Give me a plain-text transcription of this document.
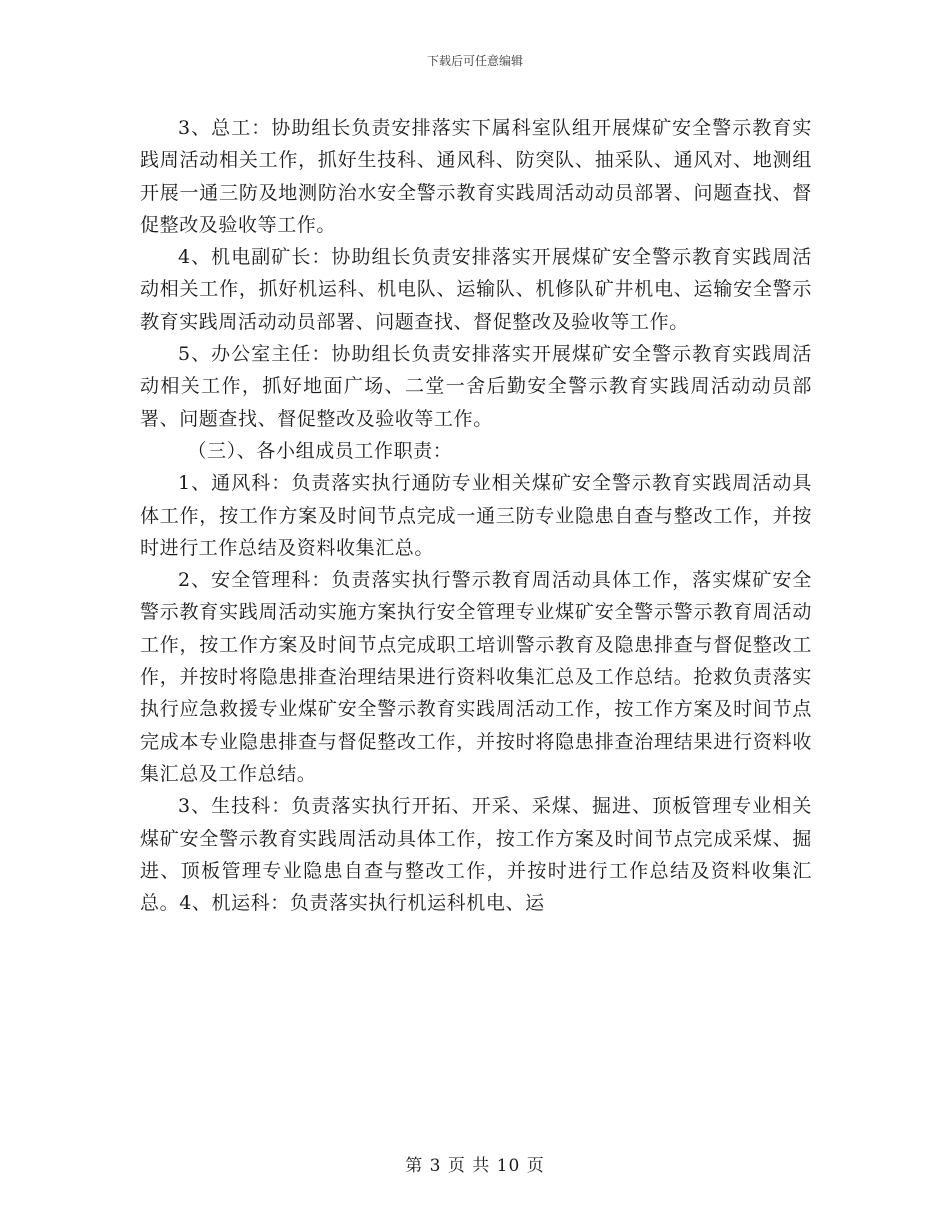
下载后可任意编辑

3、总工：协助组长负责安排落实下属科室队组开展煤矿安全警示教育实践周活动相关工作，抓好生技科、通风科、防突队、抽采队、通风对、地测组开展一通三防及地测防治水安全警示教育实践周活动动员部署、问题查找、督促整改及验收等工作。

4、机电副矿长：协助组长负责安排落实开展煤矿安全警示教育实践周活动相关工作，抓好机运科、机电队、运输队、机修队矿井机电、运输安全警示教育实践周活动动员部署、问题查找、督促整改及验收等工作。

5、办公室主任：协助组长负责安排落实开展煤矿安全警示教育实践周活动相关工作，抓好地面广场、二堂一舍后勤安全警示教育实践周活动动员部署、问题查找、督促整改及验收等工作。

（三）、各小组成员工作职责：

1、通风科：负责落实执行通防专业相关煤矿安全警示教育实践周活动具体工作，按工作方案及时间节点完成一通三防专业隐患自查与整改工作，并按时进行工作总结及资料收集汇总。

2、安全管理科：负责落实执行警示教育周活动具体工作，落实煤矿安全警示教育实践周活动实施方案执行安全管理专业煤矿安全警示警示教育周活动工作，按工作方案及时间节点完成职工培训警示教育及隐患排查与督促整改工作，并按时将隐患排查治理结果进行资料收集汇总及工作总结。抢救负责落实执行应急救援专业煤矿安全警示教育实践周活动工作，按工作方案及时间节点完成本专业隐患排查与督促整改工作，并按时将隐患排查治理结果进行资料收集汇总及工作总结。

3、生技科：负责落实执行开拓、开采、采煤、掘进、顶板管理专业相关煤矿安全警示教育实践周活动具体工作，按工作方案及时间节点完成采煤、掘进、顶板管理专业隐患自查与整改工作，并按时进行工作总结及资料收集汇总。4、机运科：负责落实执行机运科机电、运

第 3 页 共 10 页
